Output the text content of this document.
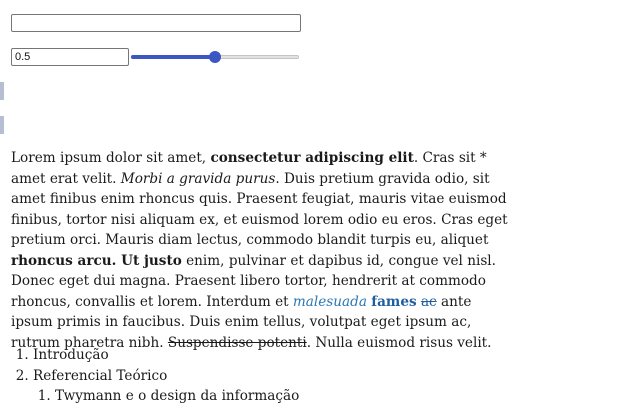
0.5

Lorem ipsum dolor sit amet, consectetur adipiscing elit. Cras sit * amet erat velit. Morbi a gravida purus. Duis pretium gravida odio, sit amet finibus enim rhoncus quis. Praesent feugiat, mauris vitae euismod finibus, tortor nisi aliquam ex, et euismod lorem odio eu eros. Cras eget pretium orci. Mauris diam lectus, commodo blandit turpis eu, aliquet rhoncus arcu. Ut justo enim, pulvinar et dapibus id, congue vel nisl. Donec eget dui magna. Praesent libero tortor, hendrerit at commodo rhoncus, convallis et lorem. Interdum et malesuada fames ac ante ipsum primis in faucibus. Duis enim tellus, volutpat eget ipsum ac, rutrum pharetra nibh. Suspendisse potenti. Nulla euismod risus velit.

1. Introdução
2. Referencial Teórico
1. Twymann e o design da informação
